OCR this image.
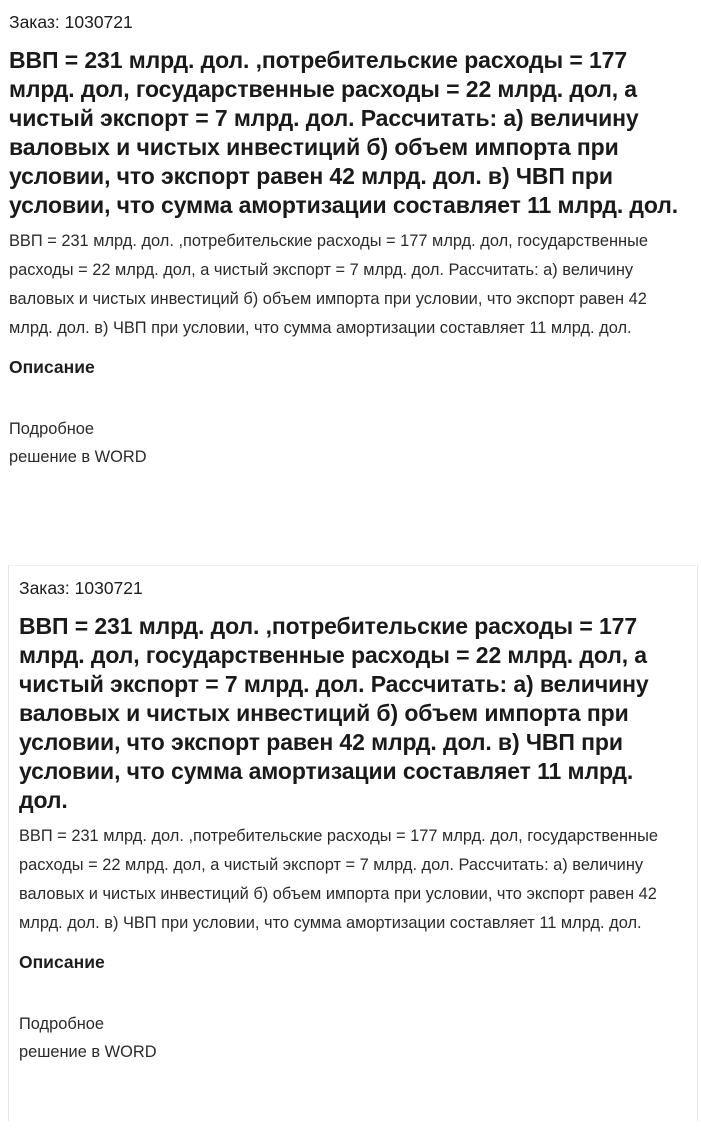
Заказ: 1030721
ВВП = 231 млрд. дол. ,потребительские расходы = 177 млрд. дол, государственные расходы = 22 млрд. дол, а чистый экспорт = 7 млрд. дол. Рассчитать: а) величину валовых и чистых инвестиций б) объем импорта при условии, что экспорт равен 42 млрд. дол. в) ЧВП при условии, что сумма амортизации составляет 11 млрд. дол.
ВВП = 231 млрд. дол. ,потребительские расходы = 177 млрд. дол, государственные расходы = 22 млрд. дол, а чистый экспорт = 7 млрд. дол. Рассчитать: а) величину валовых и чистых инвестиций б) объем импорта при условии, что экспорт равен 42 млрд. дол. в) ЧВП при условии, что сумма амортизации составляет 11 млрд. дол.
Описание
Подробное
решение в WORD
Заказ: 1030721
ВВП = 231 млрд. дол. ,потребительские расходы = 177 млрд. дол, государственные расходы = 22 млрд. дол, а чистый экспорт = 7 млрд. дол. Рассчитать: а) величину валовых и чистых инвестиций б) объем импорта при условии, что экспорт равен 42 млрд. дол. в) ЧВП при условии, что сумма амортизации составляет 11 млрд. дол.
ВВП = 231 млрд. дол. ,потребительские расходы = 177 млрд. дол, государственные расходы = 22 млрд. дол, а чистый экспорт = 7 млрд. дол. Рассчитать: а) величину валовых и чистых инвестиций б) объем импорта при условии, что экспорт равен 42 млрд. дол. в) ЧВП при условии, что сумма амортизации составляет 11 млрд. дол.
Описание
Подробное
решение в WORD
